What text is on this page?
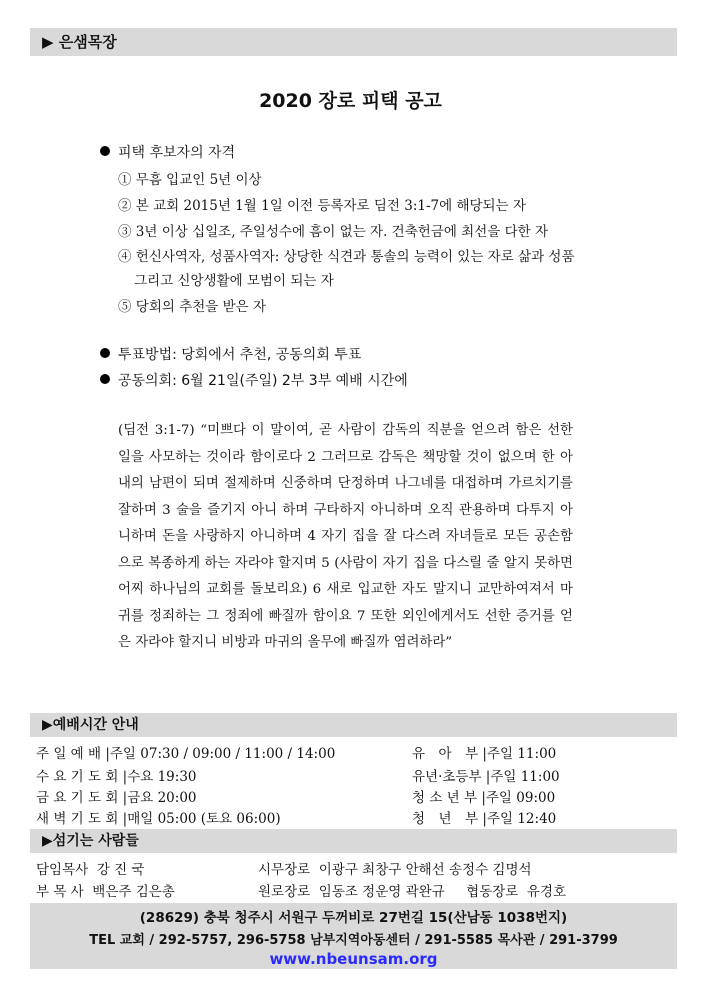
▶ 은샘목장
2020 장로 피택 공고
피택 후보자의 자격
① 무흠 입교인 5년 이상
② 본 교회 2015년 1월 1일 이전 등록자로 딤전 3:1-7에 해당되는 자
③ 3년 이상 십일조, 주일성수에 흠이 없는 자. 건축헌금에 최선을 다한 자
④ 헌신사역자, 성품사역자: 상당한 식견과 통솔의 능력이 있는 자로 삶과 성품
그리고 신앙생활에 모범이 되는 자
⑤ 당회의 추천을 받은 자
투표방법: 당회에서 추천, 공동의회 투표
공동의회: 6월 21일(주일) 2부 3부 예배 시간에
(딤전 3:1-7) “미쁘다 이 말이여, 곧 사람이 감독의 직분을 얻으려 함은 선한 일을 사모하는 것이라 함이로다 2 그러므로 감독은 책망할 것이 없으며 한 아내의 남편이 되며 절제하며 신중하며 단정하며 나그네를 대접하며 가르치기를 잘하며 3 술을 즐기지 아니 하며 구타하지 아니하며 오직 관용하며 다투지 아니하며 돈을 사랑하지 아니하며 4 자기 집을 잘 다스려 자녀들로 모든 공손함으로 복종하게 하는 자라야 할지며 5 (사람이 자기 집을 다스릴 줄 알지 못하면 어찌 하나님의 교회를 돌보리요) 6 새로 입교한 자도 말지니 교만하여져서 마귀를 정죄하는 그 정죄에 빠질까 함이요 7 또한 외인에게서도 선한 증거를 얻은 자라야 할지니 비방과 마귀의 올무에 빠질까 염려하라”
▶예배시간 안내
주 일 예 배 |주일 07:30 / 09:00 / 11:00 / 14:00
수 요 기 도 회 |수요 19:30
금 요 기 도 회 |금요 20:00
새 벽 기 도 회 |매일 05:00 (토요 06:00)
유　아　부 |주일 11:00
유년·초등부 |주일 11:00
청 소 년 부 |주일 09:00
청　년　부 |주일 12:40
▶섬기는 사람들
담임목사  강 진 국	시무장로  이광구 최창구 안해선 송정수 김명석
부 목 사  백은주 김은총	원로장로  임동조 정운영 곽완규     협동장로  유경호
(28629) 충북 청주시 서원구 두꺼비로 27번길 15(산남동 1038번지)
TEL 교회 / 292-5757, 296-5758 남부지역아동센터 / 291-5585 목사관 / 291-3799
www.nbeunsam.org
